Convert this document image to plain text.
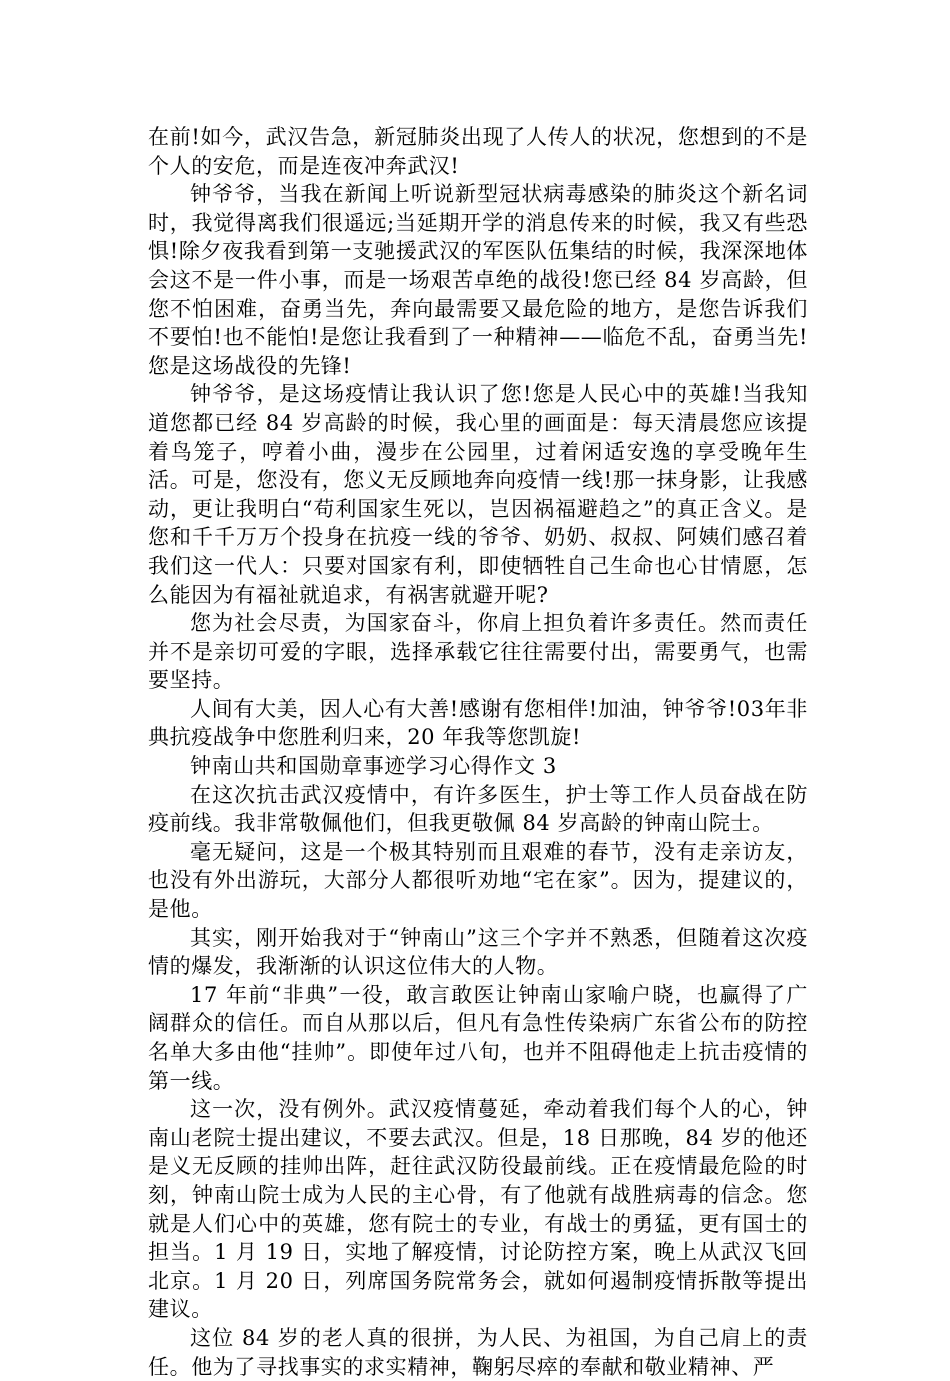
在前!如今，武汉告急，新冠肺炎出现了人传人的状况，您想到的不是个人的安危，而是连夜冲奔武汉!

钟爷爷，当我在新闻上听说新型冠状病毒感染的肺炎这个新名词时，我觉得离我们很遥远;当延期开学的消息传来的时候，我又有些恐惧!除夕夜我看到第一支驰援武汉的军医队伍集结的时候，我深深地体会这不是一件小事，而是一场艰苦卓绝的战役!您已经 84 岁高龄，但您不怕困难，奋勇当先，奔向最需要又最危险的地方，是您告诉我们不要怕!也不能怕!是您让我看到了一种精神——临危不乱，奋勇当先!您是这场战役的先锋!

钟爷爷，是这场疫情让我认识了您!您是人民心中的英雄!当我知道您都已经 84 岁高龄的时候，我心里的画面是：每天清晨您应该提着鸟笼子，哼着小曲，漫步在公园里，过着闲适安逸的享受晚年生活。可是，您没有，您义无反顾地奔向疫情一线!那一抹身影，让我感动，更让我明白“苟利国家生死以，岂因祸福避趋之”的真正含义。是您和千千万万个投身在抗疫一线的爷爷、奶奶、叔叔、阿姨们感召着我们这一代人：只要对国家有利，即使牺牲自己生命也心甘情愿，怎么能因为有福祉就追求，有祸害就避开呢?

您为社会尽责，为国家奋斗，你肩上担负着许多责任。然而责任并不是亲切可爱的字眼，选择承载它往往需要付出，需要勇气，也需要坚持。

人间有大美，因人心有大善!感谢有您相伴!加油，钟爷爷!03年非典抗疫战争中您胜利归来，20 年我等您凯旋!

钟南山共和国勋章事迹学习心得作文 3

在这次抗击武汉疫情中，有许多医生，护士等工作人员奋战在防疫前线。我非常敬佩他们，但我更敬佩 84 岁高龄的钟南山院士。

毫无疑问，这是一个极其特别而且艰难的春节，没有走亲访友，也没有外出游玩，大部分人都很听劝地“宅在家”。因为，提建议的，是他。

其实，刚开始我对于“钟南山”这三个字并不熟悉，但随着这次疫情的爆发，我渐渐的认识这位伟大的人物。

17 年前“非典”一役，敢言敢医让钟南山家喻户晓，也赢得了广阔群众的信任。而自从那以后，但凡有急性传染病广东省公布的防控名单大多由他“挂帅”。即使年过八旬，也并不阻碍他走上抗击疫情的第一线。

这一次，没有例外。武汉疫情蔓延，牵动着我们每个人的心，钟南山老院士提出建议，不要去武汉。但是，18 日那晚，84 岁的他还是义无反顾的挂帅出阵，赶往武汉防役最前线。正在疫情最危险的时刻，钟南山院士成为人民的主心骨，有了他就有战胜病毒的信念。您就是人们心中的英雄，您有院士的专业，有战士的勇猛，更有国士的担当。1 月 19 日，实地了解疫情，讨论防控方案，晚上从武汉飞回北京。1 月 20 日，列席国务院常务会，就如何遏制疫情拆散等提出建议。

这位 84 岁的老人真的很拼，为人民、为祖国，为自己肩上的责任。他为了寻找事实的求实精神，鞠躬尽瘁的奉献和敬业精神、严
